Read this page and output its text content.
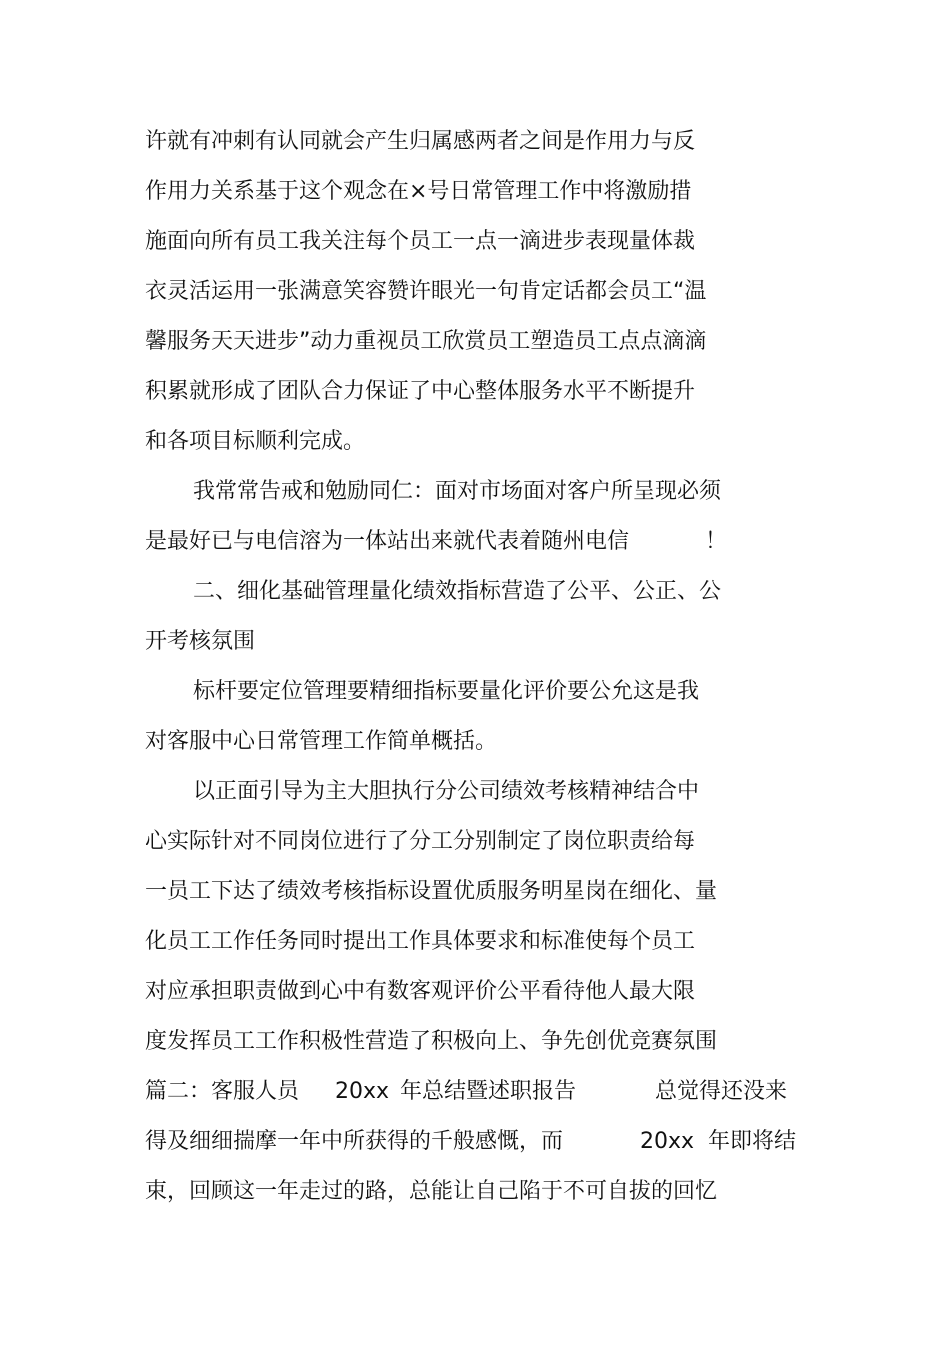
许就有冲刺有认同就会产生归属感两者之间是作用力与反
作用力关系基于这个观念在×号日常管理工作中将激励措
施面向所有员工我关注每个员工一点一滴进步表现量体裁
衣灵活运用一张满意笑容赞许眼光一句肯定话都会员工“温
馨服务天天进步”动力重视员工欣赏员工塑造员工点点滴滴
积累就形成了团队合力保证了中心整体服务水平不断提升
和各项目标顺利完成。
我常常告戒和勉励同仁：面对市场面对客户所呈现必须
是最好已与电信溶为一体站出来就代表着随州电信	！
二、细化基础管理量化绩效指标营造了公平、公正、公
开考核氛围
标杆要定位管理要精细指标要量化评价要公允这是我
对客服中心日常管理工作简单概括。
以正面引导为主大胆执行分公司绩效考核精神结合中
心实际针对不同岗位进行了分工分别制定了岗位职责给每
一员工下达了绩效考核指标设置优质服务明星岗在细化、量
化员工工作任务同时提出工作具体要求和标准使每个员工
对应承担职责做到心中有数客观评价公平看待他人最大限
度发挥员工工作积极性营造了积极向上、争先创优竞赛氛围
篇二：客服人员 20xx 年总结暨述职报告	总觉得还没来
得及细细揣摩一年中所获得的千般感慨，而	20xx 年即将结
束，回顾这一年走过的路，总能让自己陷于不可自拔的回忆
